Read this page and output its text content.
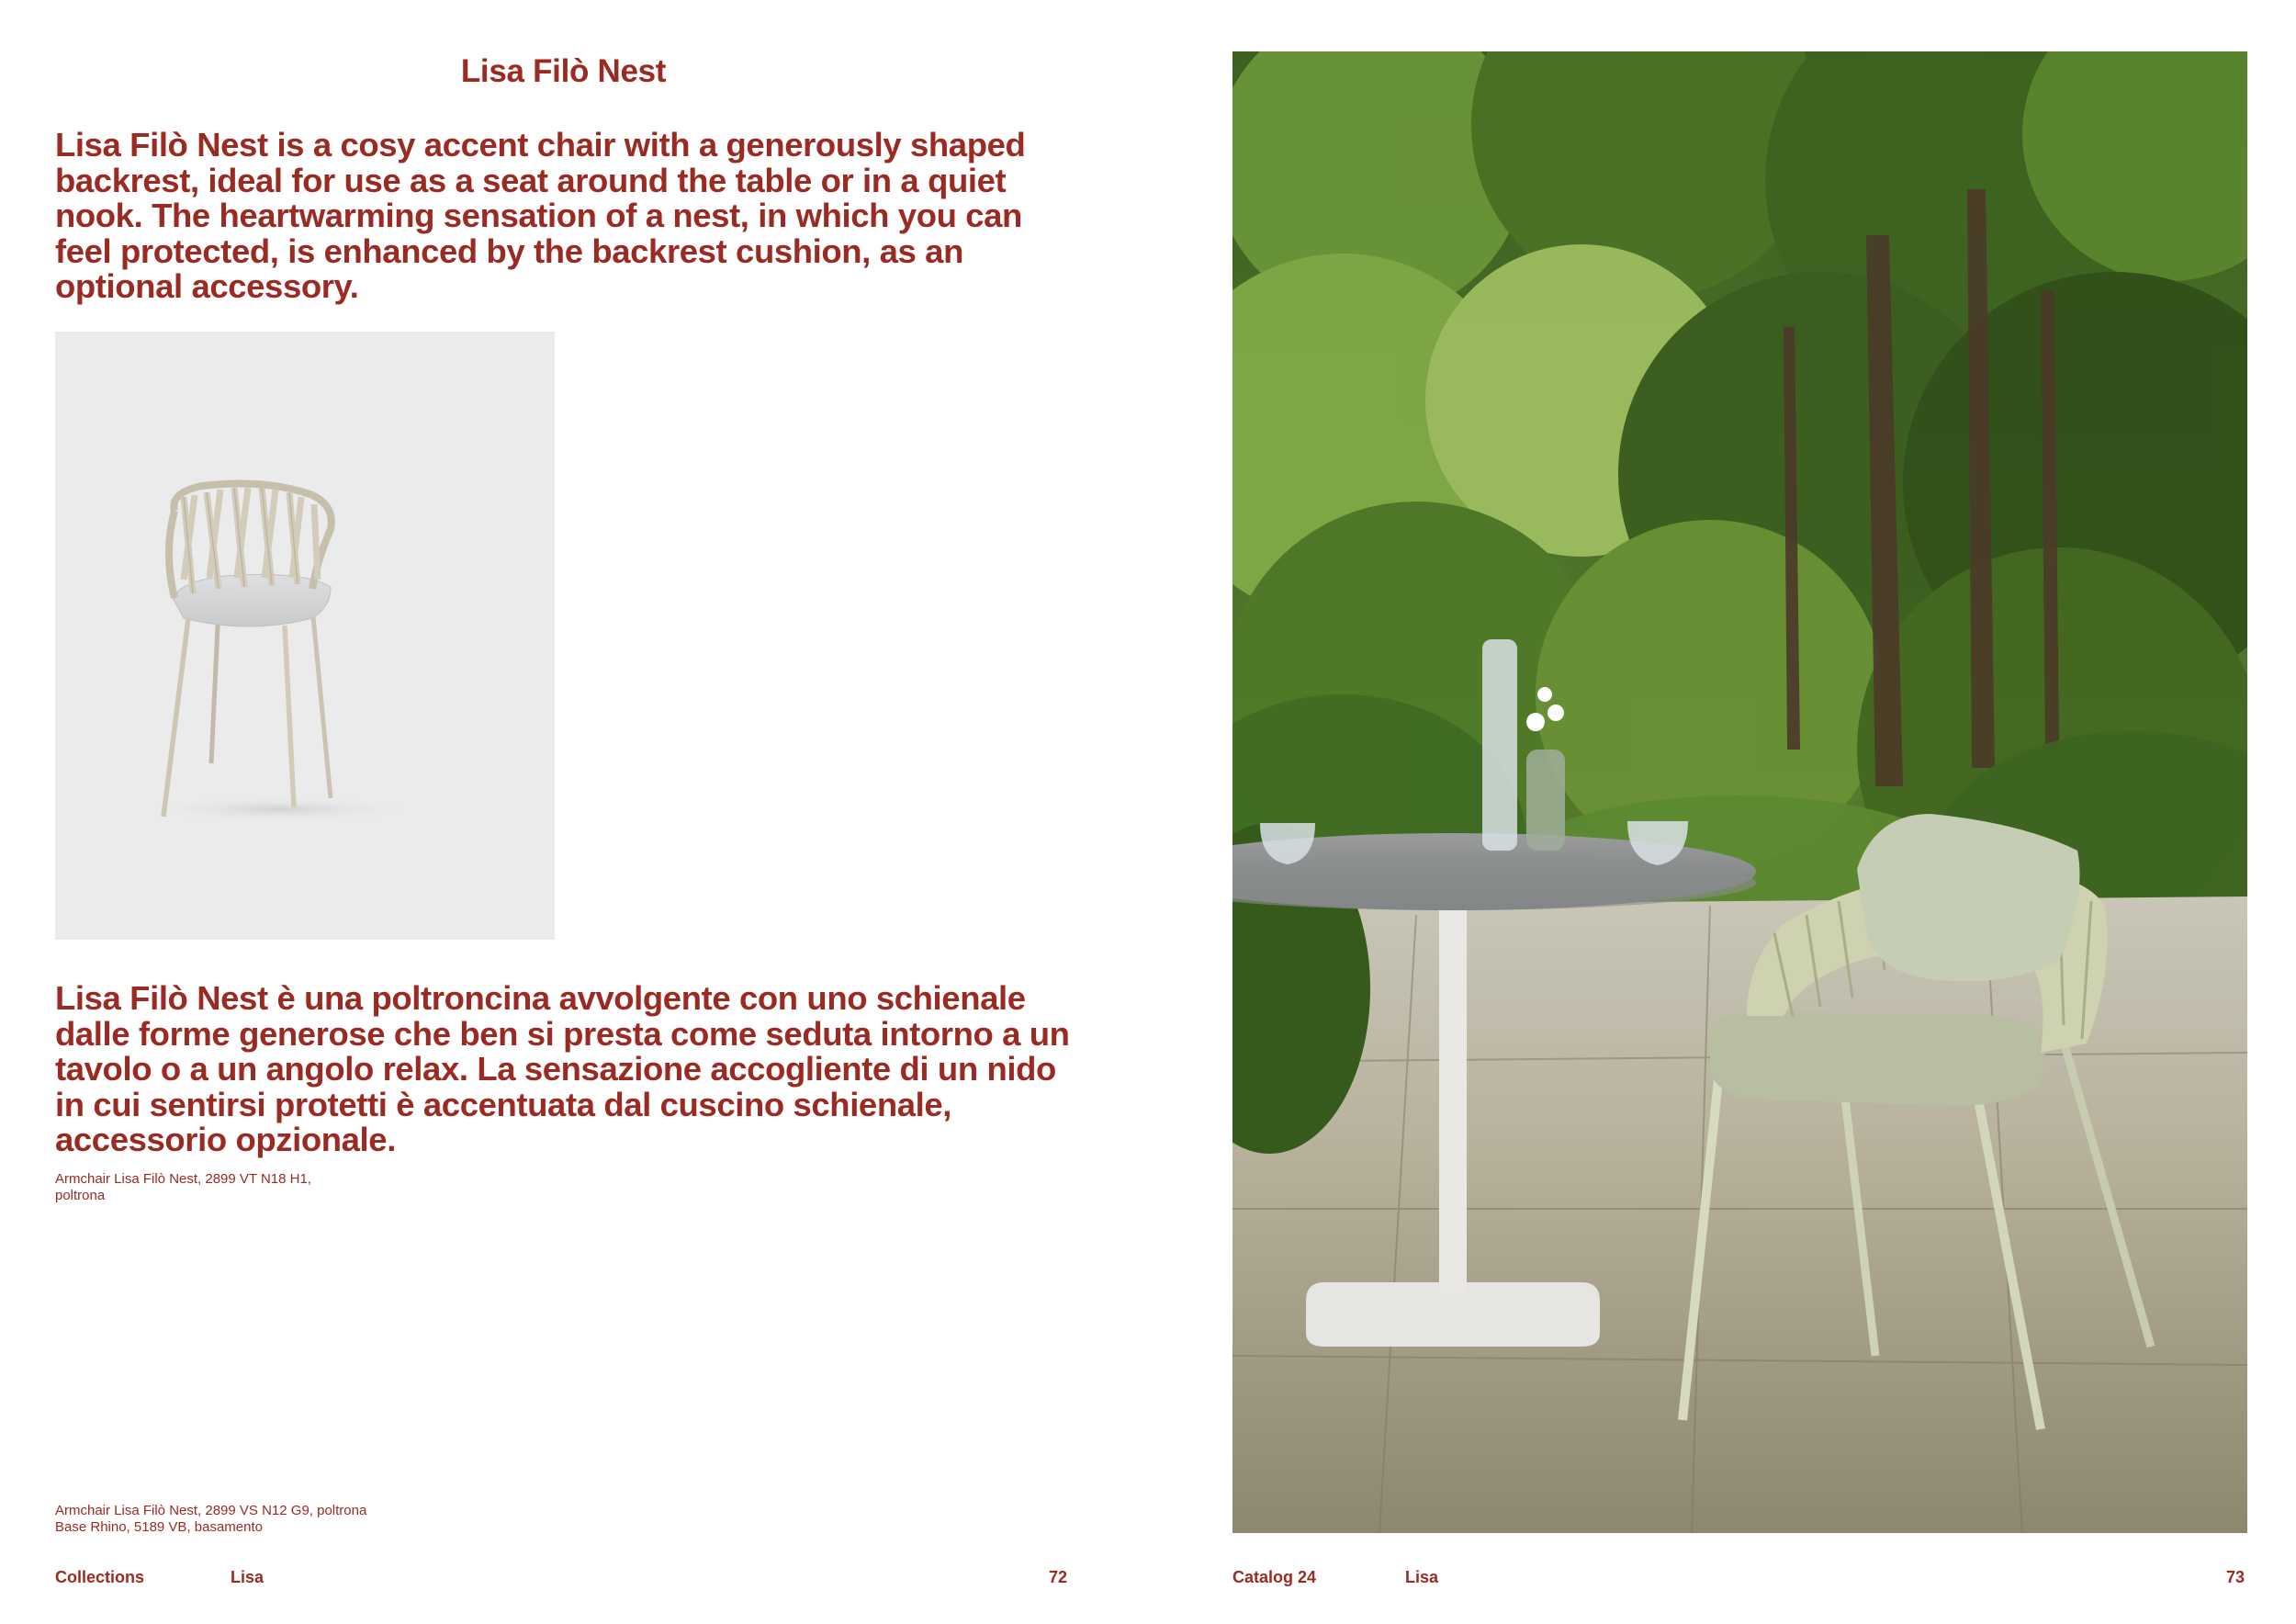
Lisa Filò Nest
Lisa Filò Nest is a cosy accent chair with a generously shaped backrest, ideal for use as a seat around the table or in a quiet nook. The heartwarming sensation of a nest, in which you can feel protected, is enhanced by the backrest cushion, as an optional accessory.
Lisa Filò Nest è una poltroncina avvolgente con uno schienale dalle forme generose che ben si presta come seduta intorno a un tavolo o a un angolo relax. La sensazione accogliente di un nido in cui sentirsi protetti è accentuata dal cuscino schienale, accessorio opzionale.
Armchair Lisa Filò Nest, 2899 VT N18 H1,
poltrona
Armchair Lisa Filò Nest, 2899 VS N12 G9, poltrona
Base Rhino, 5189 VB, basamento
Collections	Lisa	72	Catalog 24	Lisa	73
